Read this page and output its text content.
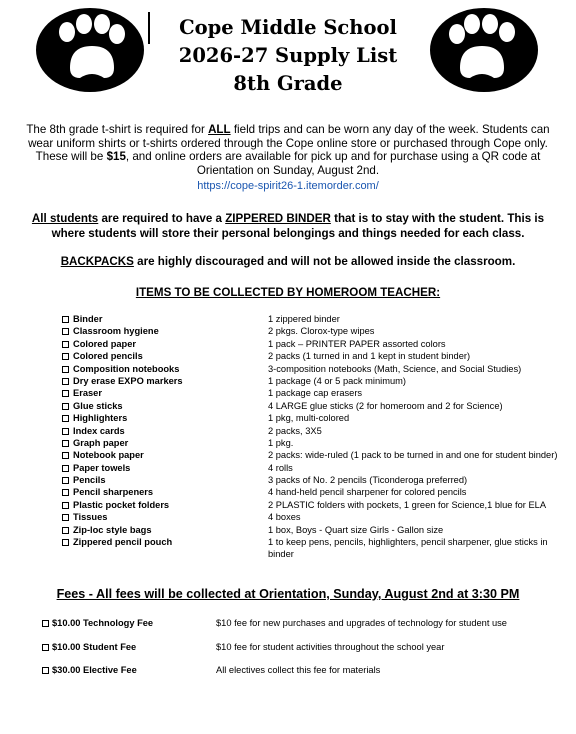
Cope Middle School
2026-27 Supply List
8th Grade
The 8th grade t-shirt is required for ALL field trips and can be worn any day of the week. Students can wear uniform shirts or t-shirts ordered through the Cope online store or purchased through Cope only. These will be $15, and online orders are available for pick up and for purchase using a QR code at Orientation on Sunday, August 2nd.
https://cope-spirit26-1.itemorder.com/
All students are required to have a ZIPPERED BINDER that is to stay with the student. This is where students will store their personal belongings and things needed for each class.
BACKPACKS are highly discouraged and will not be allowed inside the classroom.
ITEMS TO BE COLLECTED BY HOMEROOM TEACHER:
Binder	1 zippered binder
Classroom hygiene	2 pkgs. Clorox-type wipes
Colored paper	1 pack – PRINTER PAPER assorted colors
Colored pencils	2 packs (1 turned in and 1 kept in student binder)
Composition notebooks	3-composition notebooks (Math, Science, and Social Studies)
Dry erase EXPO markers	1 package (4 or 5 pack minimum)
Eraser	1 package cap erasers
Glue sticks	4 LARGE glue sticks (2 for homeroom and 2 for Science)
Highlighters	1 pkg, multi-colored
Index cards	2 packs, 3X5
Graph paper	1 pkg.
Notebook paper	2 packs: wide-ruled (1 pack to be turned in and one for student binder)
Paper towels	4 rolls
Pencils	3 packs of No. 2 pencils (Ticonderoga preferred)
Pencil sharpeners	4 hand-held pencil sharpener for colored pencils
Plastic pocket folders	2 PLASTIC folders with pockets, 1 green for Science,1 blue for ELA
Tissues	4 boxes
Zip-loc style bags	1 box, Boys - Quart size Girls - Gallon size
Zippered pencil pouch	1 to keep pens, pencils, highlighters, pencil sharpener, glue sticks in binder
Fees - All fees will be collected at Orientation, Sunday, August 2nd at 3:30 PM
$10.00 Technology Fee	$10 fee for new purchases and upgrades of technology for student use
$10.00 Student Fee	$10 fee for student activities throughout the school year
$30.00 Elective Fee	All electives collect this fee for materials
